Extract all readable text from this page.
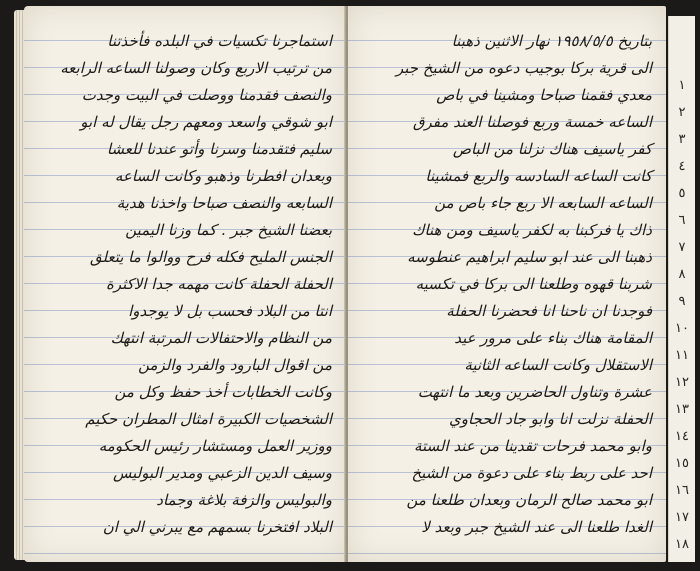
استماجرنا تكسيات في البلده فأخذتنا
من ترتيب الاربع وكان وصولنا الساعه الرابعه
والنصف فقدمنا ووصلت في البيت وجدت
ابو شوقي واسعد ومعهم رجل يقال له ابو
سليم فتقدمنا وسرنا وأتو عندنا للعشا
وبعدان افطرنا وذهبو وكانت الساعه
السابعه والنصف صباحا واخذنا هدية
بعضنا الشيخ جبر . كما وزنا اليمين
الجنس المليح فكله فرح ووالوا ما يتعلق
الحفلة الحفلة كانت مهمه جدا الاكثرة
انتا من البلاد فحسب بل لا يوجدوا
من النظام والاحتفالات المرتبة انتهك
من اقوال البارود والفرد والزمن
وكانت الخطابات أخذ حفظ وكل من
الشخصيات الكبيرة امثال المطران حكيم
ووزير العمل ومستشار رئيس الحكومه
وسيف الدين الزعبي ومدير البوليس
والبوليس والزفة بلاغة وجماد
البلاد افتخرنا بسمهم مع يبرني الي ان
بتاريخ ١٩٥٨/٥/٥ نهار الاثنين ذهبنا
الى قرية بركا بوجيب دعوه من الشيخ جبر
معدي فقمنا صباحا ومشينا في باص
الساعه خمسة وربع فوصلنا العند مفرق
كفر ياسيف هناك نزلنا من الباص
كانت الساعه السادسه والربع فمشينا
الساعه السابعه الا ربع جاء باص من
ذاك يا فركبنا به لكفر ياسيف ومن هناك
ذهبنا الى عند ابو سليم ابراهيم عنطوسه
شربنا قهوه وطلعنا الى بركا في تكسيه
فوجدنا ان ناحنا انا فحضرنا الحفلة
المقامة هناك بناء على مرور عيد
الاستقلال وكانت الساعه الثانية
عشرة وتناول الحاضرين وبعد ما انتهت
الحفلة نزلت انا وابو جاد الحجاوي
وابو محمد فرحات تقدينا من عند الستة
احد على ربط بناء على دعوة من الشيخ
ابو محمد صالح الرمان وبعدان طلعنا من
الغدا طلعنا الى عند الشيخ جبر وبعد لا
١
٢
٣
٤
٥
٦
٧
٨
٩
١٠
١١
١٢
١٣
١٤
١٥
١٦
١٧
١٨
